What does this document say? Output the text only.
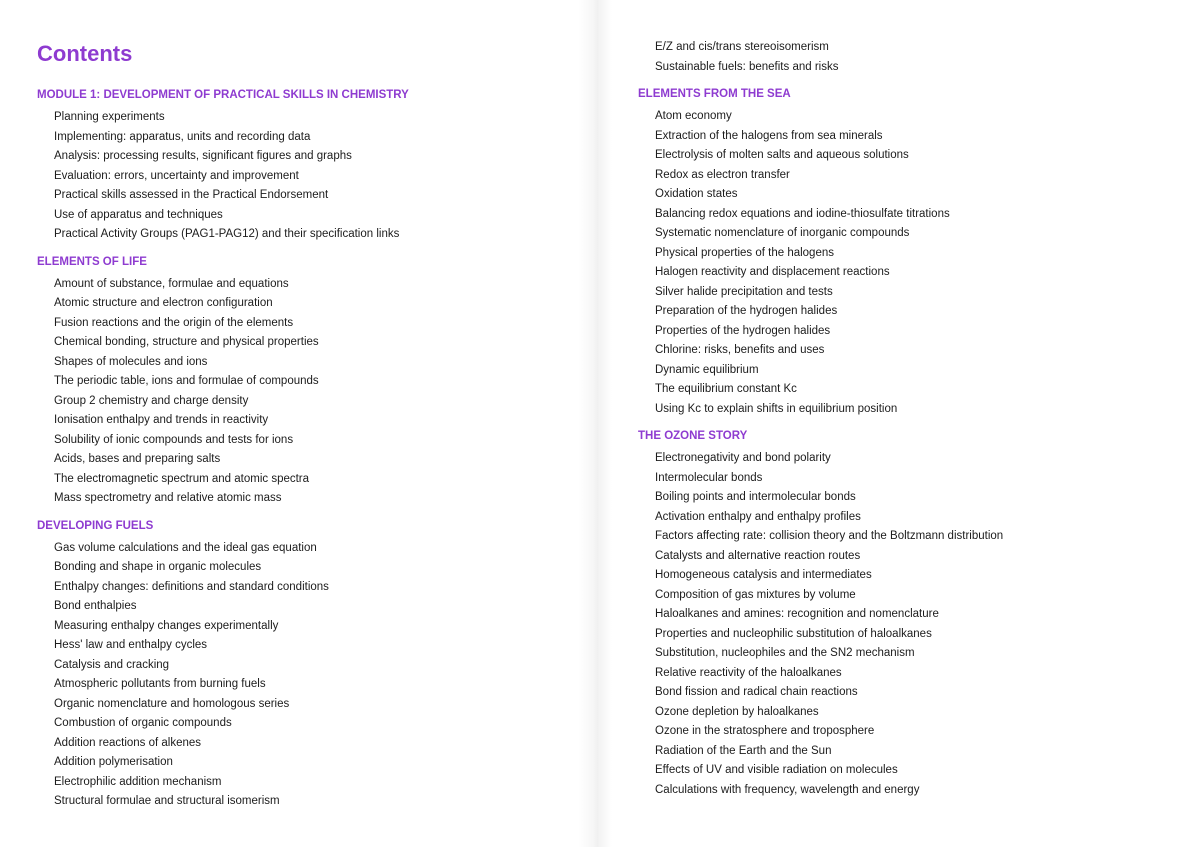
Contents
MODULE 1: DEVELOPMENT OF PRACTICAL SKILLS IN CHEMISTRY
Planning experiments
Implementing: apparatus, units and recording data
Analysis: processing results, significant figures and graphs
Evaluation: errors, uncertainty and improvement
Practical skills assessed in the Practical Endorsement
Use of apparatus and techniques
Practical Activity Groups (PAG1-PAG12) and their specification links
ELEMENTS OF LIFE
Amount of substance, formulae and equations
Atomic structure and electron configuration
Fusion reactions and the origin of the elements
Chemical bonding, structure and physical properties
Shapes of molecules and ions
The periodic table, ions and formulae of compounds
Group 2 chemistry and charge density
Ionisation enthalpy and trends in reactivity
Solubility of ionic compounds and tests for ions
Acids, bases and preparing salts
The electromagnetic spectrum and atomic spectra
Mass spectrometry and relative atomic mass
DEVELOPING FUELS
Gas volume calculations and the ideal gas equation
Bonding and shape in organic molecules
Enthalpy changes: definitions and standard conditions
Bond enthalpies
Measuring enthalpy changes experimentally
Hess' law and enthalpy cycles
Catalysis and cracking
Atmospheric pollutants from burning fuels
Organic nomenclature and homologous series
Combustion of organic compounds
Addition reactions of alkenes
Addition polymerisation
Electrophilic addition mechanism
Structural formulae and structural isomerism
E/Z and cis/trans stereoisomerism
Sustainable fuels: benefits and risks
ELEMENTS FROM THE SEA
Atom economy
Extraction of the halogens from sea minerals
Electrolysis of molten salts and aqueous solutions
Redox as electron transfer
Oxidation states
Balancing redox equations and iodine-thiosulfate titrations
Systematic nomenclature of inorganic compounds
Physical properties of the halogens
Halogen reactivity and displacement reactions
Silver halide precipitation and tests
Preparation of the hydrogen halides
Properties of the hydrogen halides
Chlorine: risks, benefits and uses
Dynamic equilibrium
The equilibrium constant Kc
Using Kc to explain shifts in equilibrium position
THE OZONE STORY
Electronegativity and bond polarity
Intermolecular bonds
Boiling points and intermolecular bonds
Activation enthalpy and enthalpy profiles
Factors affecting rate: collision theory and the Boltzmann distribution
Catalysts and alternative reaction routes
Homogeneous catalysis and intermediates
Composition of gas mixtures by volume
Haloalkanes and amines: recognition and nomenclature
Properties and nucleophilic substitution of haloalkanes
Substitution, nucleophiles and the SN2 mechanism
Relative reactivity of the haloalkanes
Bond fission and radical chain reactions
Ozone depletion by haloalkanes
Ozone in the stratosphere and troposphere
Radiation of the Earth and the Sun
Effects of UV and visible radiation on molecules
Calculations with frequency, wavelength and energy
